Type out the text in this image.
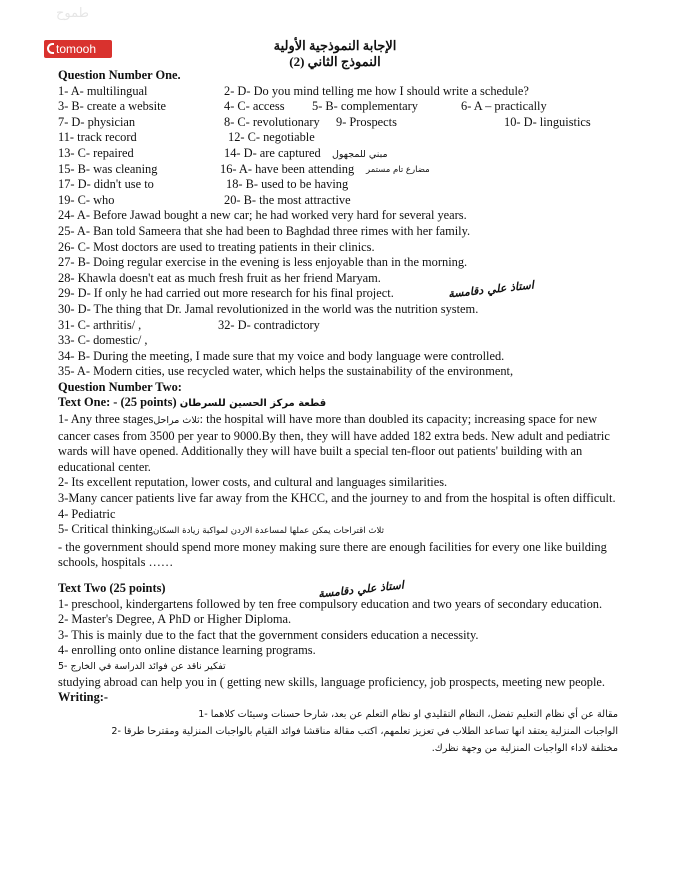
طموح
tomooh	الإجابة النموذجية الأولية
النموذج الثاني (2)
استاذ علي دقامسة
استاذ علي دقامسة
Question Number One.
1- A- multilingual	2- D- Do you mind telling me how I should write a schedule?
3- B- create a website	4- C- access 5- B- complementary	6- A – practically
7- D- physician	8- C- revolutionary 9- Prospects	10- D- linguistics
11- track record	12- C- negotiable
13- C- repaired	14- D- are captured مبني للمجهول
15- B- was cleaning	16- A- have been attending مضارع تام مستمر
17- D- didn't use to	18- B- used to be having
19- C- who	20- B- the most attractive
24- A- Before Jawad bought a new car; he had worked very hard for several years.
25- A- Ban told Sameera that she had been to Baghdad three rimes with her family.
26- C- Most doctors are used to treating patients in their clinics.
27- B- Doing regular exercise in the evening is less enjoyable than in the morning.
28- Khawla doesn't eat as much fresh fruit as her friend Maryam.
29- D- If only he had carried out more research for his final project.
30- D- The thing that Dr. Jamal revolutionized in the world was the nutrition system.
31- C- arthritis/ ,	32- D- contradictory
33- C- domestic/ ,
34- B- During the meeting, I made sure that my voice and body language were controlled.
35- A- Modern cities, use recycled water, which helps the sustainability of the environment,
Question Number Two:
Text One: - (25 points) قطعة مركز الحسين للسرطان
1- Any three stagesثلاث مراحل: the hospital will have more than doubled its capacity; increasing space for new cancer cases from 3500 per year to 9000.By then, they will have added 182 extra beds. New adult and pediatric wards will have opened. Additionally they will have built a special ten-floor out patients' building with an educational center.
2- Its excellent reputation, lower costs, and cultural and languages similarities.
3-Many cancer patients live far away from the KHCC, and the journey to and from the hospital is often difficult.
4- Pediatric
5- Critical thinkingثلاث اقتراحات يمكن عملها لمساعدة الاردن لمواكبة زيادة السكان
- the government should spend more money making sure there are enough facilities for every one like building schools, hospitals ……
Text Two (25 points)
1- preschool, kindergartens followed by ten free compulsory education and two years of secondary education.
2- Master's Degree, A PhD or Higher Diploma.
3- This is mainly due to the fact that the government considers education a necessity.
4- enrolling onto online distance learning programs.
تفكير ناقد عن فوائد الدراسة في الخارج -5
studying abroad can help you in ( getting new skills, language proficiency, job prospects, meeting new people.
Writing:-
مقالة عن أي نظام التعليم تفضل، النظام التقليدي او نظام التعلم عن بعد، شارحا حسنات وسيئات كلاهما -1
الواجبات المنزلية يعتقد انها تساعد الطلاب في تعزيز تعلمهم، اكتب مقالة مناقشا فوائد القيام بالواجبات المنزلية ومقترحا طرقا -2
مختلفة لاداء الواجبات المنزلية من وجهة نظرك.
